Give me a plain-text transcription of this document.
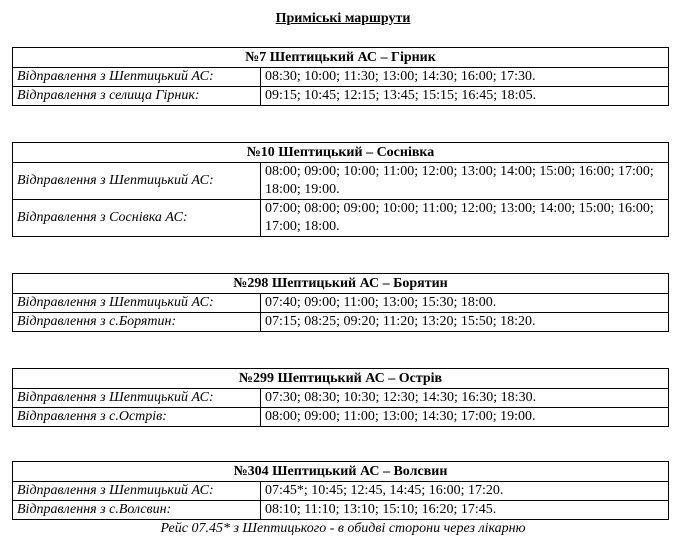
Приміські маршрути
№7 Шептицький АС – Гірник	
Відправлення з Шептицький АС:	08:30; 10:00; 11:30; 13:00; 14:30; 16:00; 17:30.
Відправлення з селища Гірник:	09:15; 10:45; 12:15; 13:45; 15:15; 16:45; 18:05.
№10 Шептицький – Соснівка	
Відправлення з Шептицький АС:	08:00; 09:00; 10:00; 11:00; 12:00; 13:00; 14:00; 15:00; 16:00; 17:00; 18:00; 19:00.
Відправлення з Соснівка АС:	07:00; 08:00; 09:00; 10:00; 11:00; 12:00; 13:00; 14:00; 15:00; 16:00; 17:00; 18:00.
№298 Шептицький АС – Борятин	
Відправлення з Шептицький АС:	07:40; 09:00; 11:00; 13:00; 15:30; 18:00.
Відправлення з с.Борятин:	07:15; 08:25; 09:20; 11:20; 13:20; 15:50; 18:20.
№299 Шептицький АС – Острів	
Відправлення з Шептицький АС:	07:30; 08:30; 10:30; 12:30; 14:30; 16:30; 18:30.
Відправлення з с.Острів:	08:00; 09:00; 11:00; 13:00; 14:30; 17:00; 19:00.
№304 Шептицький АС – Волсвин	
Відправлення з Шептицький АС:	07:45*; 10:45; 12:45, 14:45; 16:00; 17:20.
Відправлення з с.Волсвин:	08:10; 11:10; 13:10; 15:10; 16:20; 17:45.
Рейс 07.45* з Шептицького - в обидві сторони через лікарню
